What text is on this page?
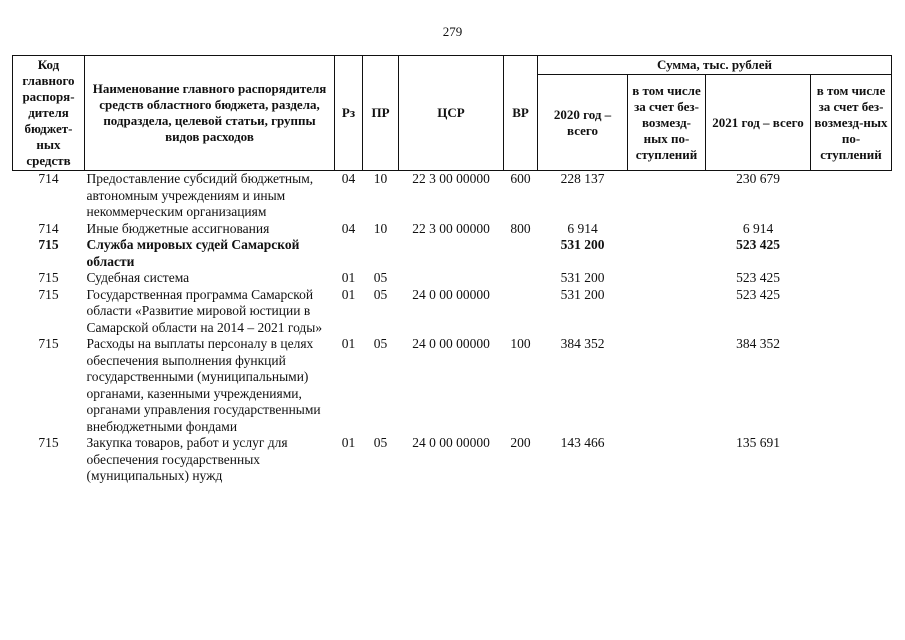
279
Код главного распоря-дителя бюджет-ных средств	Наименование главного распорядителя средств областного бюджета, раздела, подраздела, целевой статьи, группы видов расходов	Рз	ПР	ЦСР	ВР	Сумма, тыс. рублей			
						2020 год – всего	в том числе за счет без-возмезд-ных по-ступлений	2021 год – всего	в том числе за счет без-возмезд-ных по-ступлений
714	Предоставление субсидий бюджетным, автономным учреждениям и иным некоммерческим организациям	04	10	22 3 00 00000	600	228 137		230 679	
714	Иные бюджетные ассигнования	04	10	22 3 00 00000	800	6 914		6 914	
715	Служба мировых судей Самарской области					531 200		523 425	
715	Судебная система	01	05			531 200		523 425	
715	Государственная программа Самарской области «Развитие мировой юстиции в Самарской области на 2014 – 2021 годы»	01	05	24 0 00 00000		531 200		523 425	
715	Расходы на выплаты персоналу в целях обеспечения выполнения функций государственными (муниципальными) органами, казенными учреждениями, органами управления государственными внебюджетными фондами	01	05	24 0 00 00000	100	384 352		384 352	
715	Закупка товаров, работ и услуг для обеспечения государственных (муниципальных) нужд	01	05	24 0 00 00000	200	143 466		135 691	
